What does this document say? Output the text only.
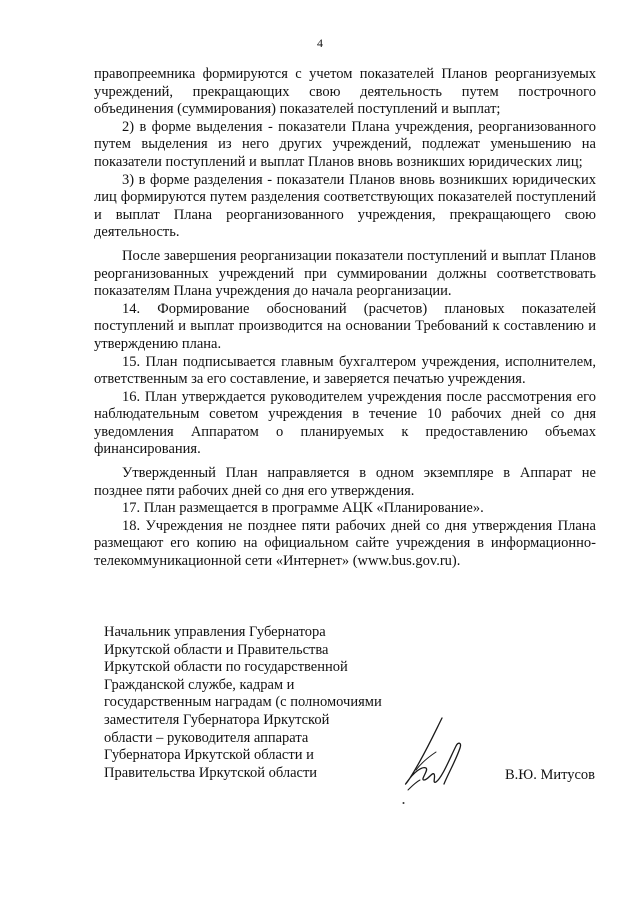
4

правопреемника формируются с учетом показателей Планов реорганизуемых учреждений, прекращающих свою деятельность путем построчного объединения (суммирования) показателей поступлений и выплат;

2) в форме выделения - показатели Плана учреждения, реорганизованного путем выделения из него других учреждений, подлежат уменьшению на показатели поступлений и выплат Планов вновь возникших юридических лиц;

3) в форме разделения - показатели Планов вновь возникших юридических лиц формируются путем разделения соответствующих показателей поступлений и выплат Плана реорганизованного учреждения, прекращающего свою деятельность.

После завершения реорганизации показатели поступлений и выплат Планов реорганизованных учреждений при суммировании должны соответствовать показателям Плана учреждения до начала реорганизации.

14. Формирование обоснований (расчетов) плановых показателей поступлений и выплат производится на основании Требований к составлению и утверждению плана.

15. План подписывается главным бухгалтером учреждения, исполнителем, ответственным за его составление, и заверяется печатью учреждения.

16. План утверждается руководителем учреждения после рассмотрения его наблюдательным советом учреждения в течение 10 рабочих дней со дня уведомления Аппаратом о планируемых к предоставлению объемах финансирования.

Утвержденный План направляется в одном экземпляре в Аппарат не позднее пяти рабочих дней со дня его утверждения.

17. План размещается в программе АЦК «Планирование».

18. Учреждения не позднее пяти рабочих дней со дня утверждения Плана размещают его копию на официальном сайте учреждения в информационно-телекоммуникационной сети «Интернет» (www.bus.gov.ru).

Начальник управления Губернатора
Иркутской области и Правительства
Иркутской области по государственной
Гражданской службе, кадрам и
государственным наградам (с полномочиями
заместителя Губернатора Иркутской
области – руководителя аппарата
Губернатора Иркутской области и
Правительства Иркутской области	В.Ю. Митусов
